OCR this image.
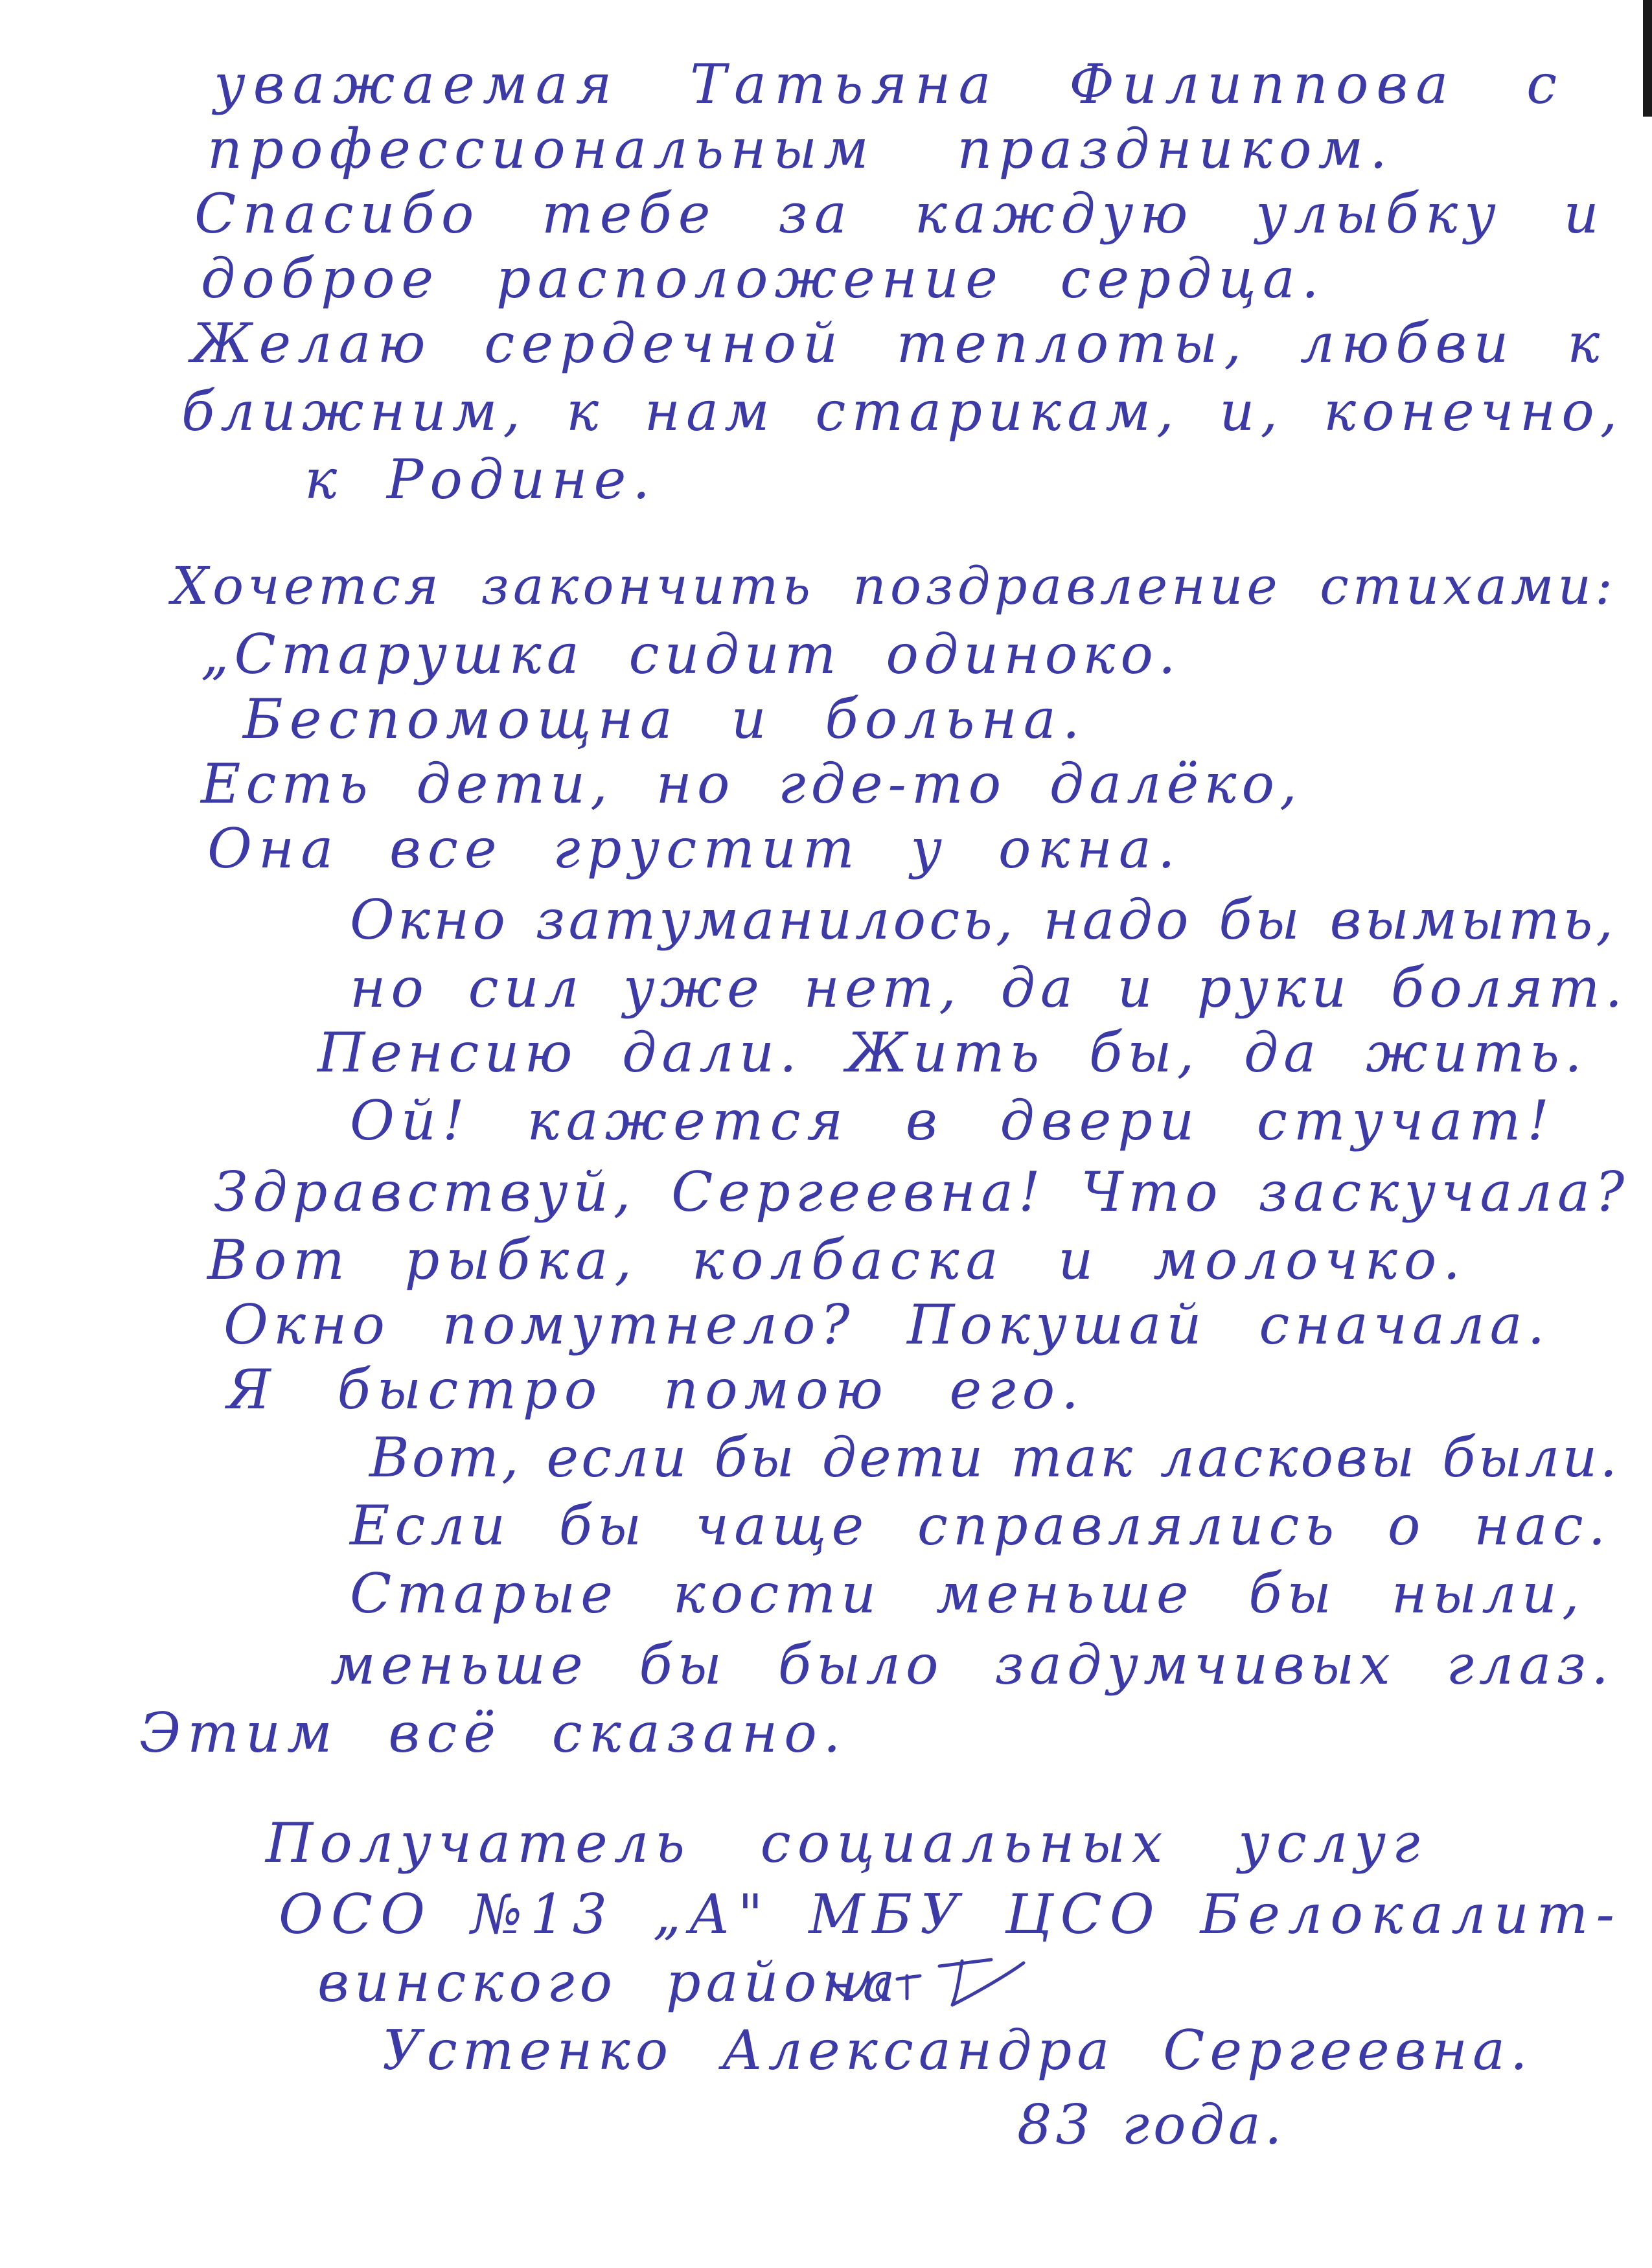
уважаемая Татьяна Филиппова с
профессиональным праздником.
Спасибо тебе за каждую улыбку и
доброе расположение сердца.
Желаю сердечной теплоты, любви к
ближним, к нам старикам, и, конечно,
к Родине.
Хочется закончить поздравление стихами:
„Старушка сидит одиноко.
Беспомощна и больна.
Есть дети, но где-то далёко,
Она все грустит у окна.
Окно затуманилось, надо бы вымыть,
но сил уже нет, да и руки болят.
Пенсию дали. Жить бы, да жить.
Ой! кажется в двери стучат!
Здравствуй, Сергеевна! Что заскучала?
Вот рыбка, колбаска и молочко.
Окно помутнело? Покушай сначала.
Я быстро помою его.
Вот, если бы дети так ласковы были.
Если бы чаще справлялись о нас.
Старые кости меньше бы ныли,
меньше бы было задумчивых глаз.
Этим всё сказано.
Получатель социальных услуг
ОСО №13 „А" МБУ ЦСО Белокалит-
винского района
Устенко Александра Сергеевна.
83 года.
